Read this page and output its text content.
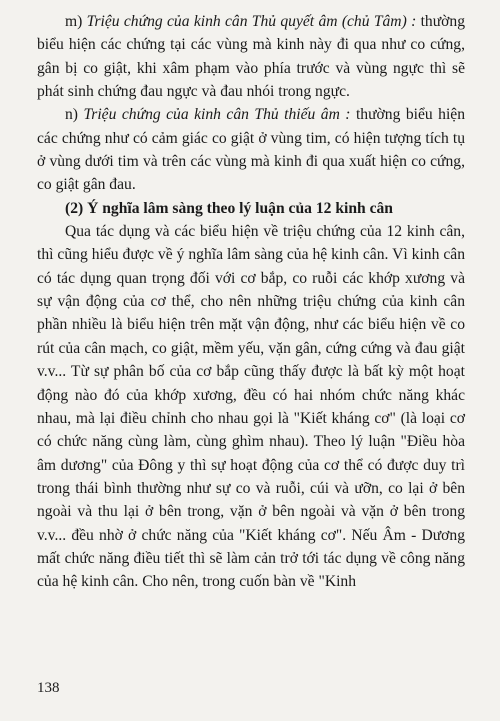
m) Triệu chứng của kinh cân Thủ quyết âm (chủ Tâm) : thường biểu hiện các chứng tại các vùng mà kinh này đi qua như co cứng, gân bị co giật, khi xâm phạm vào phía trước và vùng ngực thì sẽ phát sinh chứng đau ngực và đau nhói trong ngực.

n) Triệu chứng của kinh cân Thủ thiếu âm : thường biểu hiện các chứng như có cảm giác co giật ở vùng tim, có hiện tượng tích tụ ở vùng dưới tim và trên các vùng mà kinh đi qua xuất hiện co cứng, co giật gân đau.

(2) Ý nghĩa lâm sàng theo lý luận của 12 kinh cân

Qua tác dụng và các biểu hiện về triệu chứng của 12 kinh cân, thì cũng hiểu được về ý nghĩa lâm sàng của hệ kinh cân. Vì kinh cân có tác dụng quan trọng đối với cơ bắp, co ruỗi các khớp xương và sự vận động của cơ thể, cho nên những triệu chứng của kinh cân phần nhiều là biểu hiện trên mặt vận động, như các biểu hiện về co rút của cân mạch, co giật, mềm yếu, vặn gân, cứng cứng và đau giật v.v... Từ sự phân bố của cơ bắp cũng thấy được là bất kỳ một hoạt động nào đó của khớp xương, đều có hai nhóm chức năng khác nhau, mà lại điều chỉnh cho nhau gọi là "Kiết kháng cơ" (là loại cơ có chức năng cùng làm, cùng ghìm nhau). Theo lý luận "Điều hòa âm dương" của Đông y thì sự hoạt động của cơ thể có được duy trì trong thái bình thường như sự co và ruỗi, cúi và ưỡn, co lại ở bên ngoài và thu lại ở bên trong, vặn ở bên ngoài và vặn ở bên trong v.v... đều nhờ ở chức năng của "Kiết kháng cơ". Nếu Âm - Dương mất chức năng điều tiết thì sẽ làm cản trở tới tác dụng về công năng của hệ kinh cân. Cho nên, trong cuốn bàn về "Kinh

138
